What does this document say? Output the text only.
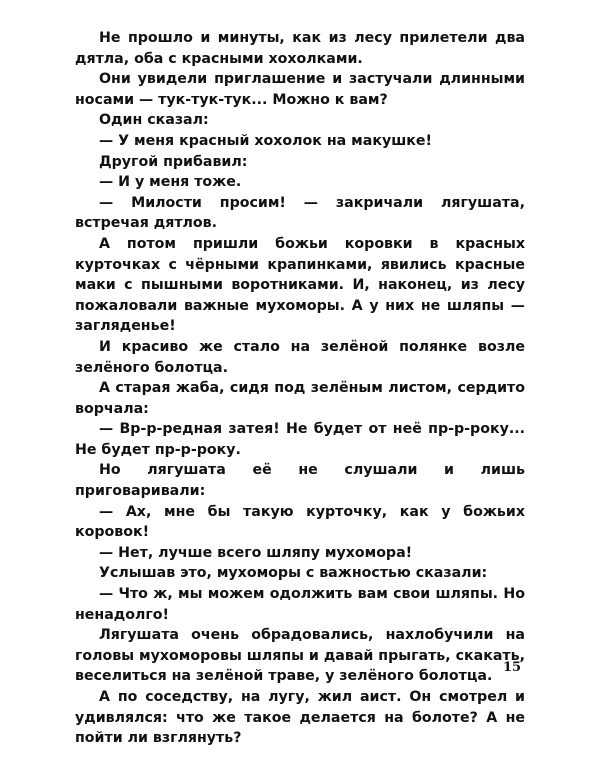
Не прошло и минуты, как из лесу прилетели два дятла, оба с красными хохолками.

Они увидели приглашение и застучали длинными носами — тук-тук-тук... Можно к вам?

Один сказал:

— У меня красный хохолок на макушке!

Другой прибавил:

— И у меня тоже.

— Милости просим! — закричали лягушата, встречая дятлов.

А потом пришли божьи коровки в красных курточках с чёрными крапинками, явились красные маки с пышными воротниками. И, наконец, из лесу пожаловали важные мухоморы. А у них не шляпы — загляденье!

И красиво же стало на зелёной полянке возле зелёного болотца.

А старая жаба, сидя под зелёным листом, сердито ворчала:

— Вр-р-редная затея! Не будет от неё пр-р-року... Не будет пр-р-року.

Но лягушата её не слушали и лишь приговаривали:

— Ах, мне бы такую курточку, как у божьих коровок!

— Нет, лучше всего шляпу мухомора!

Услышав это, мухоморы с важностью сказали:

— Что ж, мы можем одолжить вам свои шляпы. Но ненадолго!

Лягушата очень обрадовались, нахлобучили на головы мухоморовы шляпы и давай прыгать, скакать, веселиться на зелёной траве, у зелёного болотца.

А по соседству, на лугу, жил аист. Он смотрел и удивлялся: что же такое делается на болоте? А не пойти ли взглянуть?

15
